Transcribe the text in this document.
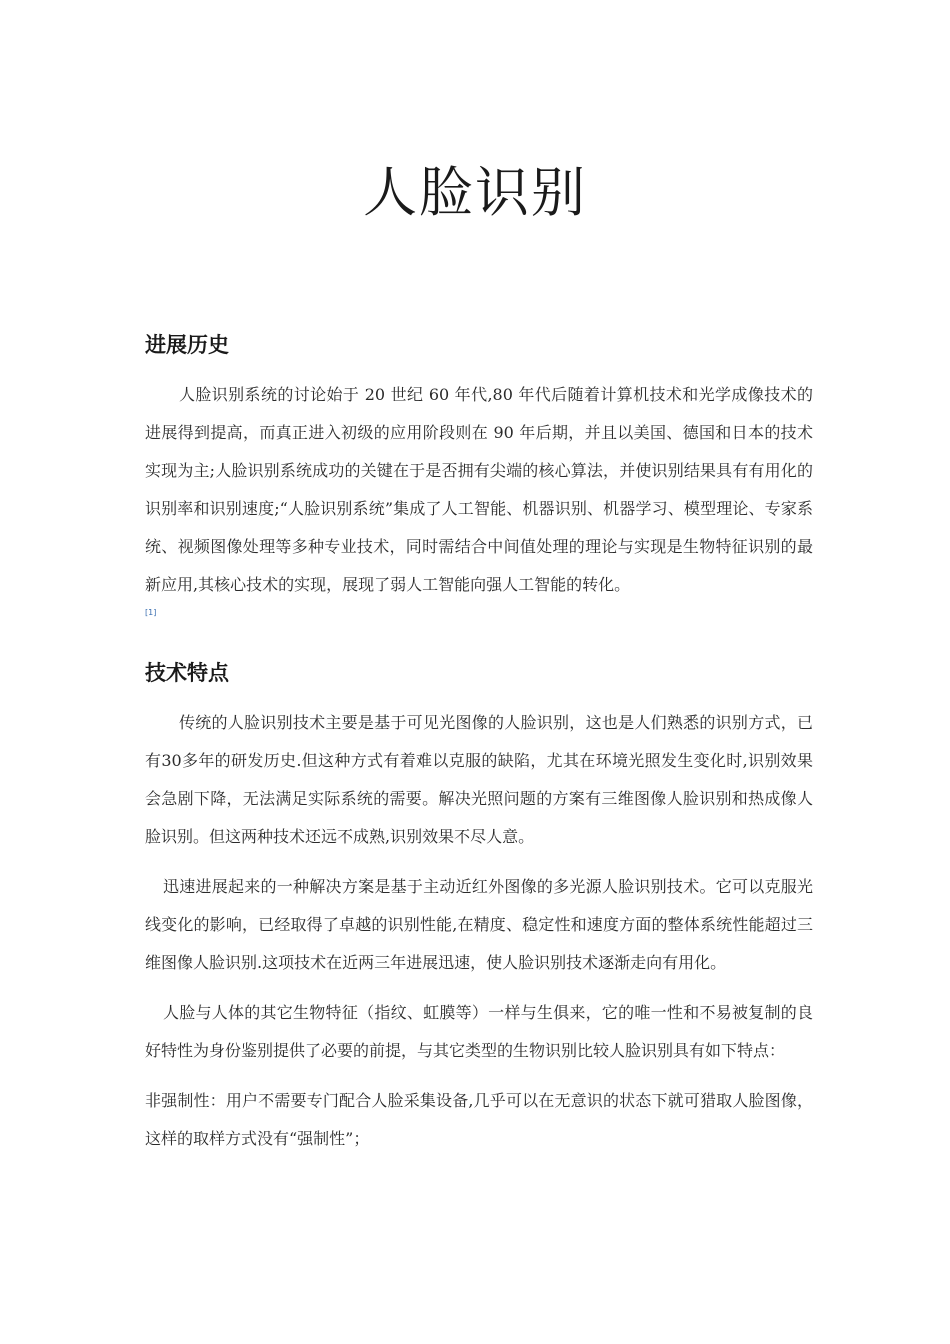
人脸识别
进展历史

人脸识别系统的讨论始于 20 世纪 60 年代,80 年代后随着计算机技术和光学成像技术的进展得到提高，而真正进入初级的应用阶段则在 90 年后期，并且以美国、德国和日本的技术实现为主;人脸识别系统成功的关键在于是否拥有尖端的核心算法，并使识别结果具有有用化的识别率和识别速度;“人脸识别系统”集成了人工智能、机器识别、机器学习、模型理论、专家系统、视频图像处理等多种专业技术，同时需结合中间值处理的理论与实现是生物特征识别的最新应用,其核心技术的实现，展现了弱人工智能向强人工智能的转化。

[1]
技术特点

传统的人脸识别技术主要是基于可见光图像的人脸识别，这也是人们熟悉的识别方式，已有30多年的研发历史.但这种方式有着难以克服的缺陷，尤其在环境光照发生变化时,识别效果会急剧下降，无法满足实际系统的需要。解决光照问题的方案有三维图像人脸识别和热成像人脸识别。但这两种技术还远不成熟,识别效果不尽人意。

迅速进展起来的一种解决方案是基于主动近红外图像的多光源人脸识别技术。它可以克服光线变化的影响，已经取得了卓越的识别性能,在精度、稳定性和速度方面的整体系统性能超过三维图像人脸识别.这项技术在近两三年进展迅速，使人脸识别技术逐渐走向有用化。

人脸与人体的其它生物特征（指纹、虹膜等）一样与生俱来，它的唯一性和不易被复制的良好特性为身份鉴别提供了必要的前提，与其它类型的生物识别比较人脸识别具有如下特点：

非强制性：用户不需要专门配合人脸采集设备,几乎可以在无意识的状态下就可猎取人脸图像，这样的取样方式没有“强制性”；
